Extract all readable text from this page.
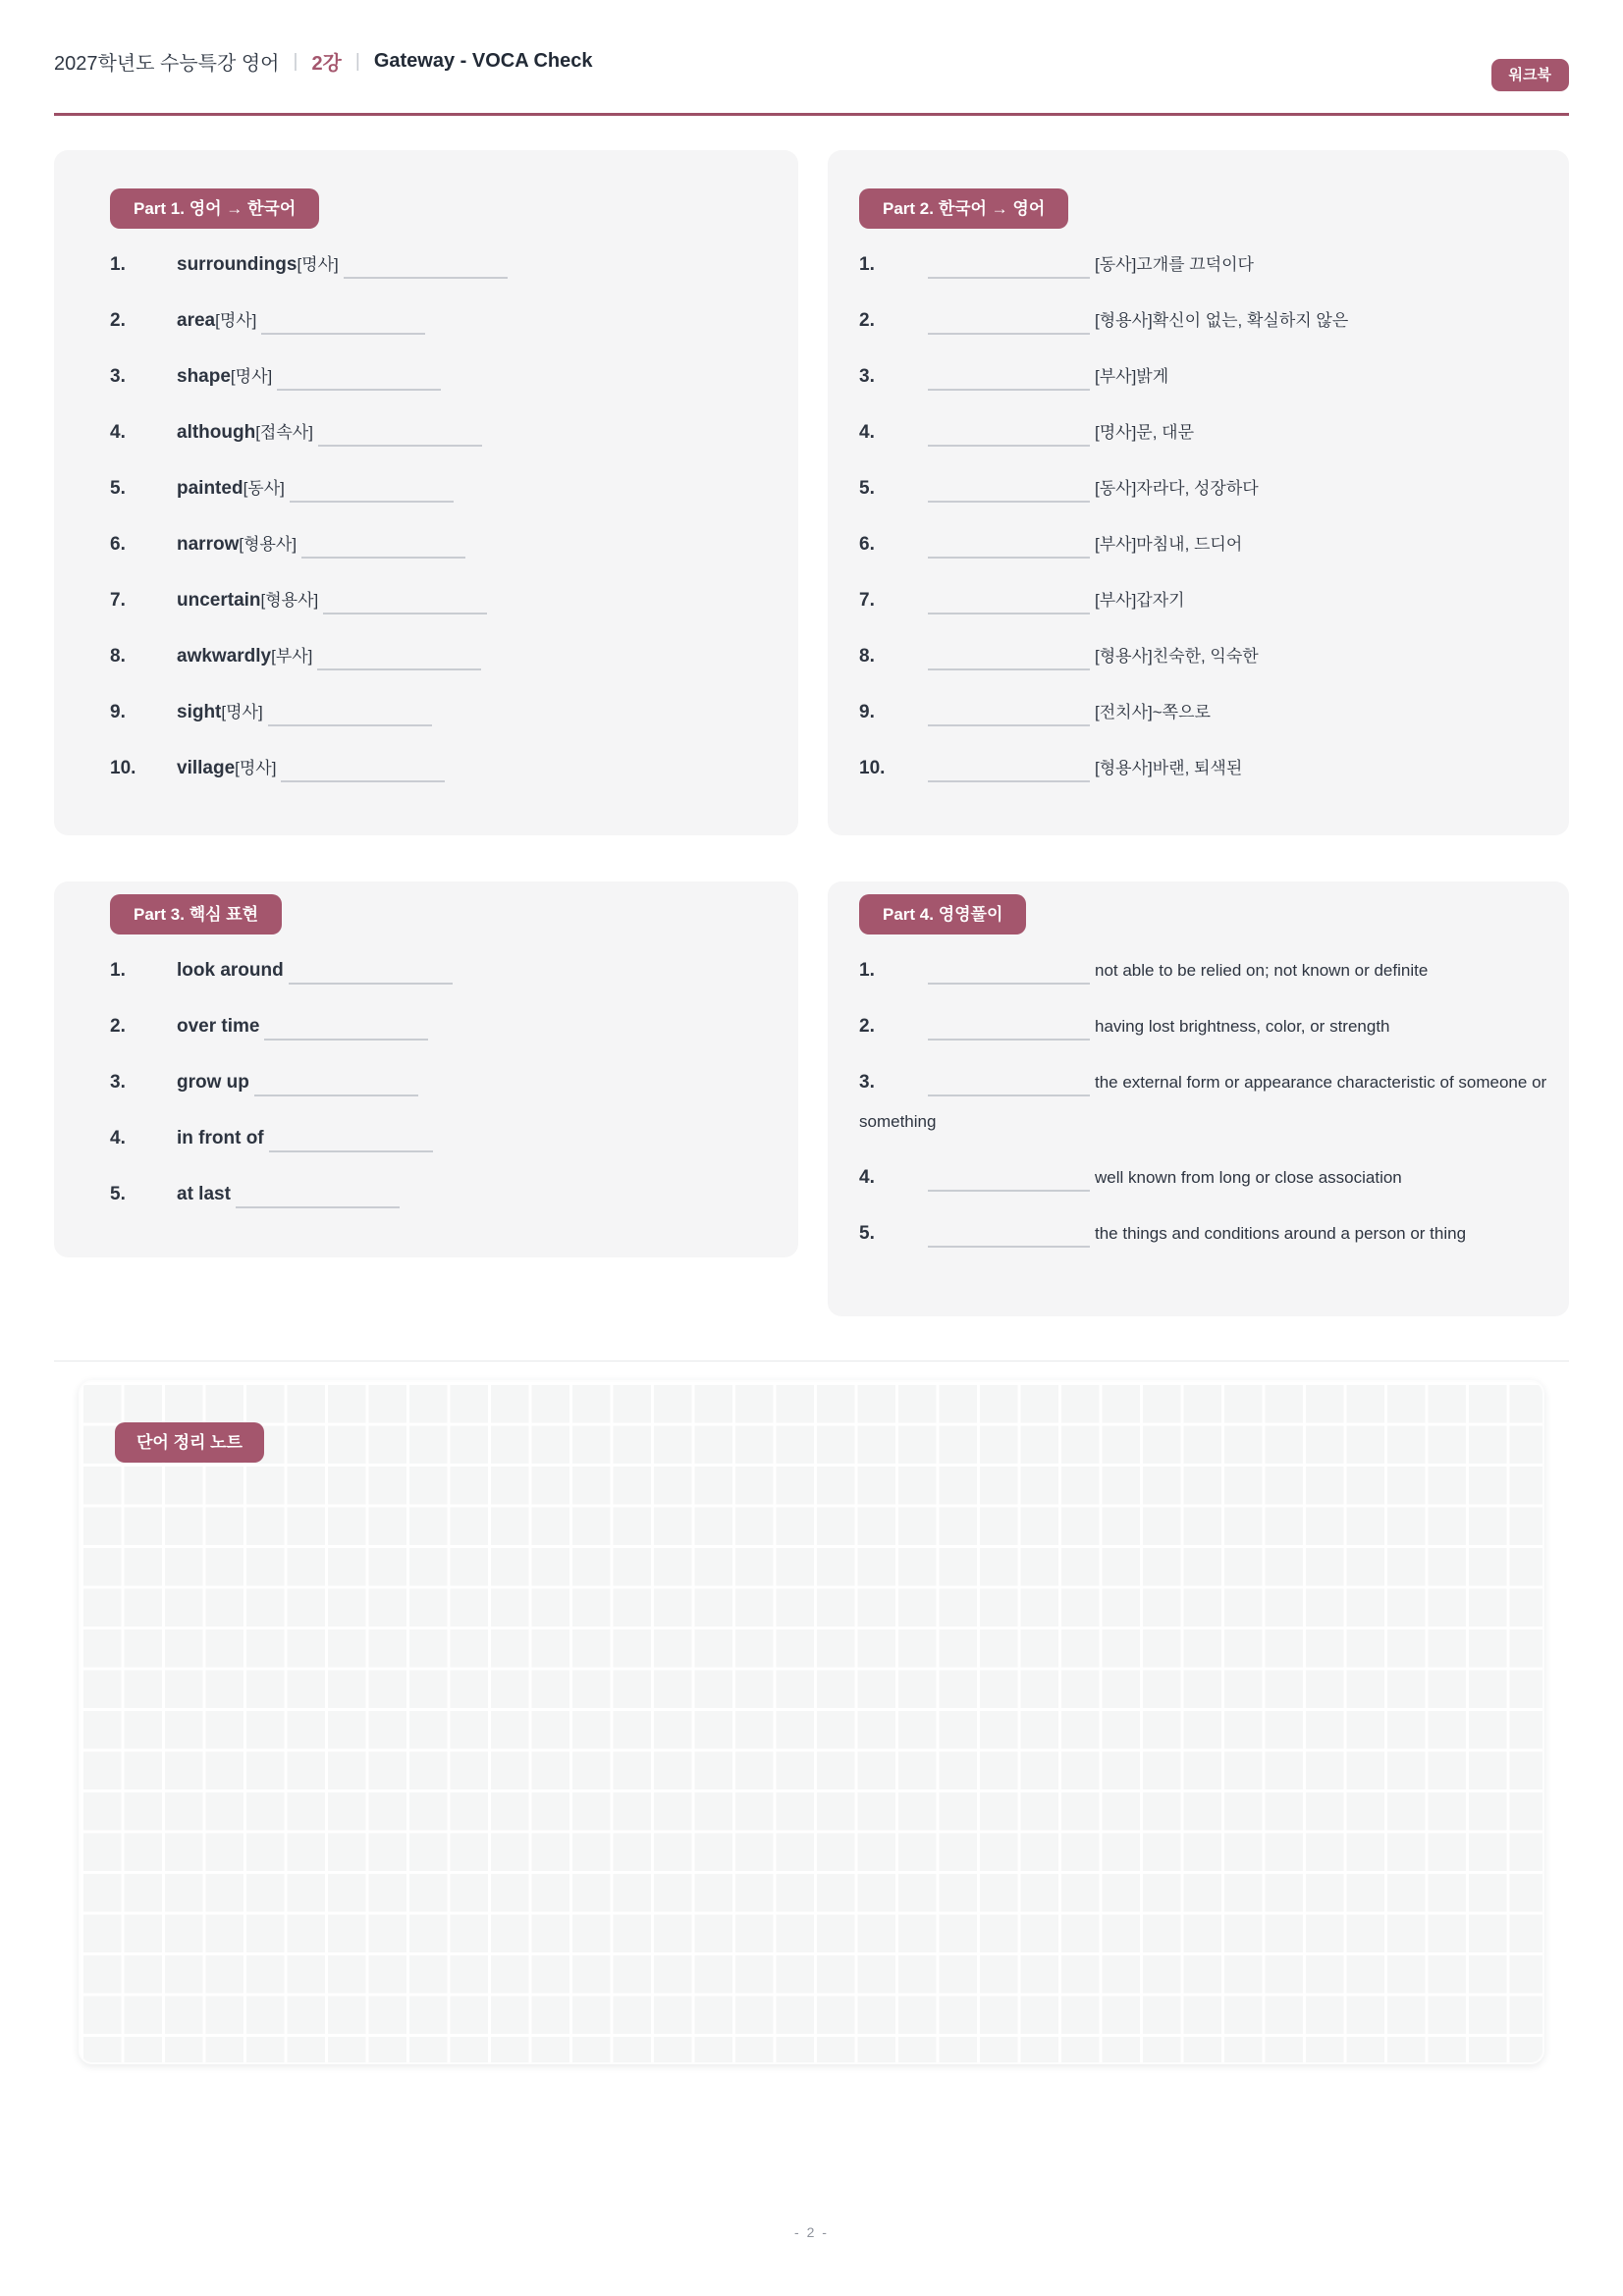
2027학년도 수능특강 영어 | 2강 | Gateway - VOCA Check
워크북
Part 1. 영어 → 한국어
1.	surroundings[명사]
2.	area[명사]
3.	shape[명사]
4.	although[접속사]
5.	painted[동사]
6.	narrow[형용사]
7.	uncertain[형용사]
8.	awkwardly[부사]
9.	sight[명사]
10. village[명사]
Part 2. 한국어 → 영어
1.	[동사]고개를 끄덕이다
2.	[형용사]확신이 없는, 확실하지 않은
3.	[부사]밝게
4.	[명사]문, 대문
5.	[동사]자라다, 성장하다
6.	[부사]마침내, 드디어
7.	[부사]갑자기
8.	[형용사]친숙한, 익숙한
9.	[전치사]~쪽으로
10.	[형용사]바랜, 퇴색된
Part 3. 핵심 표현
1.	look around
2.	over time
3.	grow up
4.	in front of
5.	at last
Part 4. 영영풀이
1.	not able to be relied on; not known or definite
2.	having lost brightness, color, or strength
3.	the external form or appearance characteristic of someone or something
4.	well known from long or close association
5.	the things and conditions around a person or thing
단어 정리 노트
- 2 -
